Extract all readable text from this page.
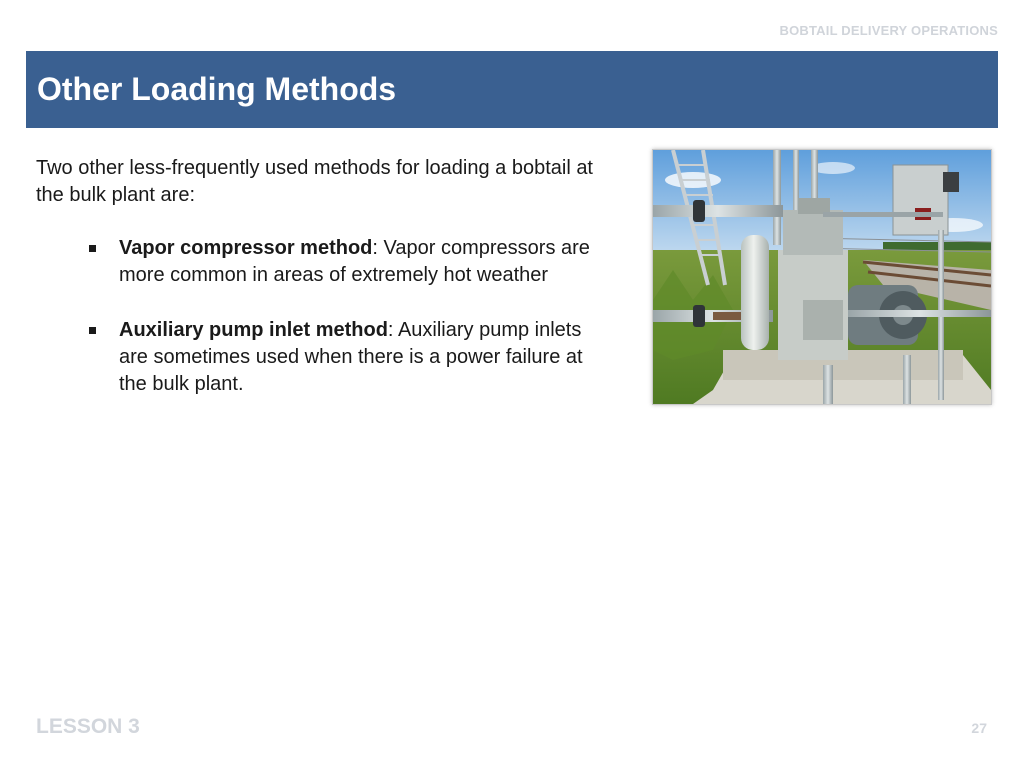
BOBTAIL DELIVERY OPERATIONS
Other Loading Methods

Two other less-frequently used methods for loading a bobtail at the bulk plant are:

Vapor compressor method: Vapor compressors are more common in areas of extremely hot weather
Auxiliary pump inlet method: Auxiliary pump inlets are sometimes used when there is a power failure at the bulk plant.
LESSON 3	27
